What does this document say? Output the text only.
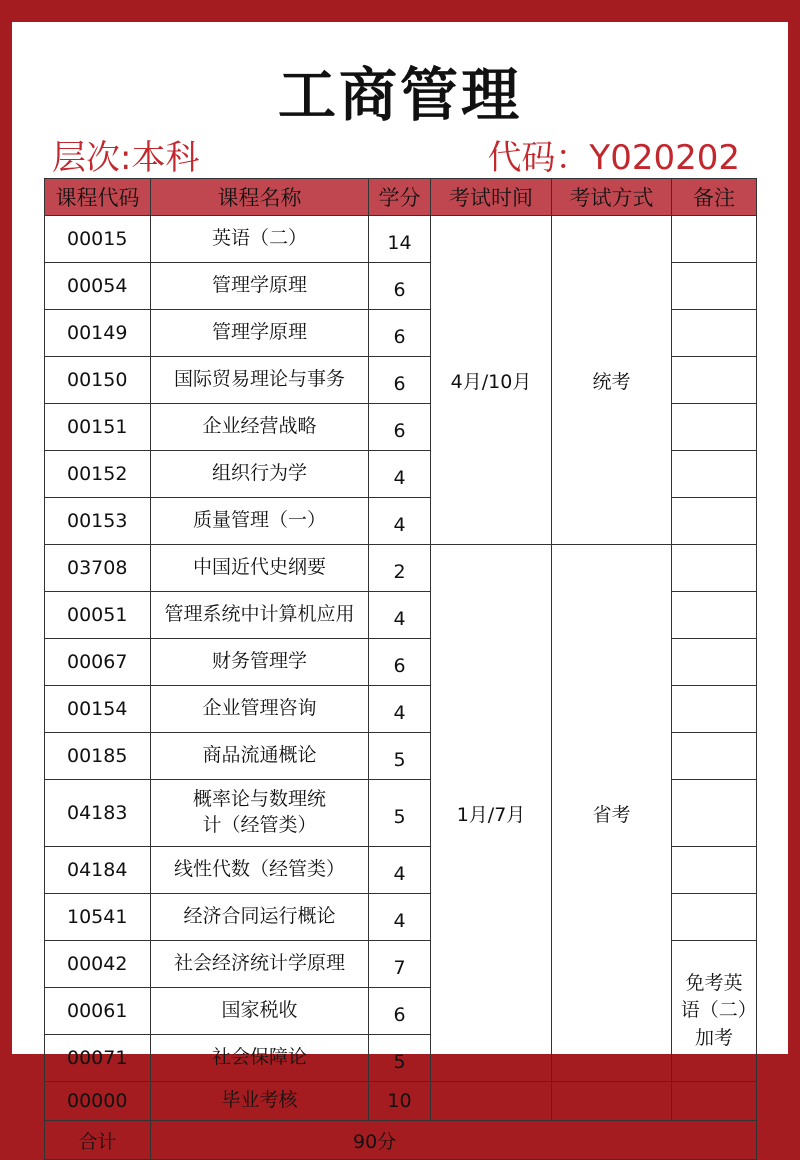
工商管理
层次:本科	代码：Y020202
课程代码	课程名称	学分	考试时间	考试方式	备注
00015	英语（二）	14	4月/10月	统考	
00054	管理学原理	6			
00149	管理学原理	6			
00150	国际贸易理论与事务	6			
00151	企业经营战略	6			
00152	组织行为学	4			
00153	质量管理（一）	4			
03708	中国近代史纲要	2	1月/7月	省考	
00051	管理系统中计算机应用	4			
00067	财务管理学	6			
00154	企业管理咨询	4			
00185	商品流通概论	5			
04183	概率论与数理统计（经管类）	5			
04184	线性代数（经管类）	4			
10541	经济合同运行概论	4			
00042	社会经济统计学原理	7			免考英语（二）加考
00061	国家税收	6			
00071	社会保障论	5			
00000	毕业考核	10			
合计	90分				
